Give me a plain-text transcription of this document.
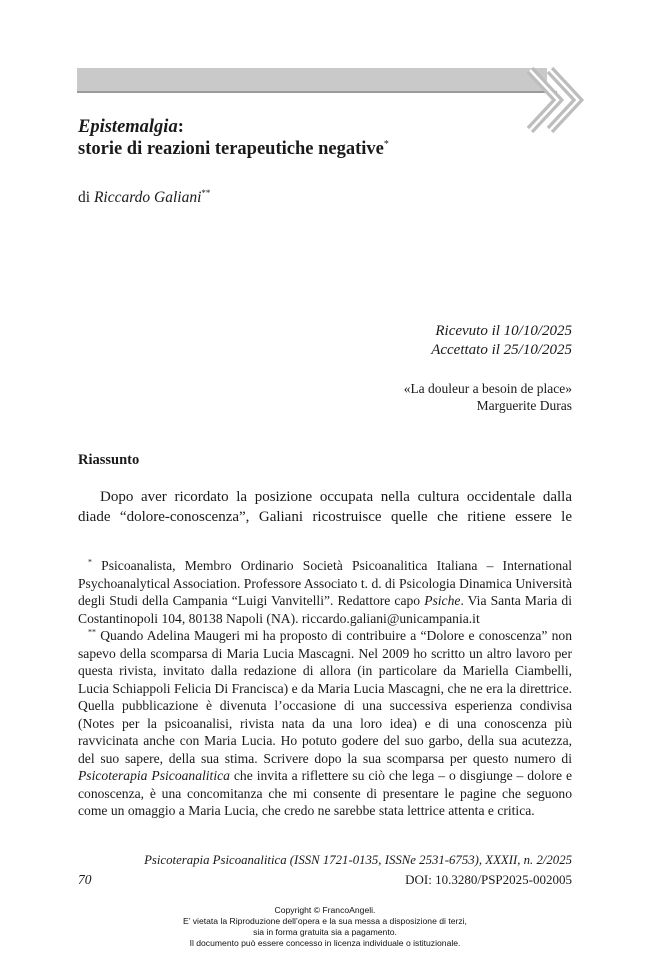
Epistemalgia:
storie di reazioni terapeutiche negative*
di Riccardo Galiani**
Ricevuto il 10/10/2025
Accettato il 25/10/2025
«La douleur a besoin de place»
Marguerite Duras
Riassunto
Dopo aver ricordato la posizione occupata nella cultura occidentale dalla
diade “dolore-conoscenza”, Galiani ricostruisce quelle che ritiene essere le

* Psicoanalista, Membro Ordinario Società Psicoanalitica Italiana – International Psychoanalytical Association. Professore Associato t. d. di Psicologia Dinamica Università degli Studi della Campania “Luigi Vanvitelli”. Redattore capo Psiche. Via Santa Maria di Costantinopoli 104, 80138 Napoli (NA). riccardo.galiani@unicampania.it

** Quando Adelina Maugeri mi ha proposto di contribuire a “Dolore e conoscenza” non sapevo della scomparsa di Maria Lucia Mascagni. Nel 2009 ho scritto un altro lavoro per questa rivista, invitato dalla redazione di allora (in particolare da Mariella Ciambelli, Lucia Schiappoli Felicia Di Francisca) e da Maria Lucia Mascagni, che ne era la direttrice. Quella pubblicazione è divenuta l’occasione di una successiva esperienza condivisa (Notes per la psicoanalisi, rivista nata da una loro idea) e di una conoscenza più ravvicinata anche con Maria Lucia. Ho potuto godere del suo garbo, della sua acutezza, del suo sapere, della sua stima. Scrivere dopo la sua scomparsa per questo numero di Psicoterapia Psicoanalitica che invita a riflettere su ciò che lega – o disgiunge – dolore e conoscenza, è una concomitanza che mi consente di presentare le pagine che seguono come un omaggio a Maria Lucia, che credo ne sarebbe stata lettrice attenta e critica.

Psicoterapia Psicoanalitica (ISSN 1721-0135, ISSNe 2531-6753), XXXII, n. 2/2025
70	DOI: 10.3280/PSP2025-002005
Copyright © FrancoAngeli.
E’ vietata la Riproduzione dell’opera e la sua messa a disposizione di terzi,
sia in forma gratuita sia a pagamento.
Il documento può essere concesso in licenza individuale o istituzionale.
